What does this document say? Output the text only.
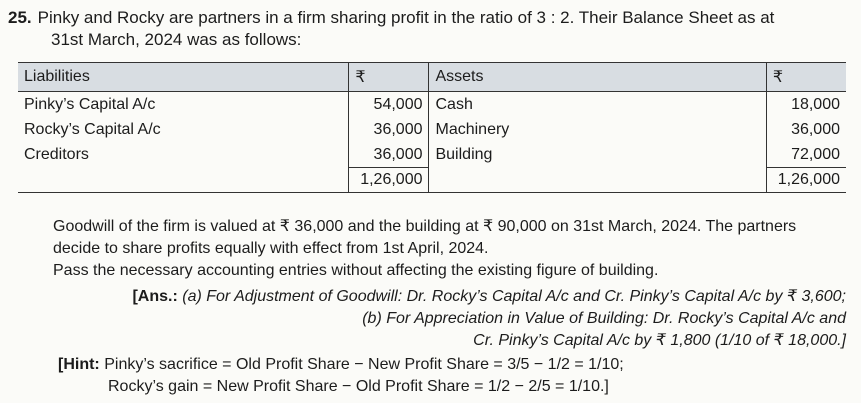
25. Pinky and Rocky are partners in a firm sharing profit in the ratio of 3 : 2. Their Balance Sheet as at
31st March, 2024 was as follows:
Liabilities	₹	Assets	₹
Pinky’s Capital A/c	54,000	Cash	18,000
Rocky’s Capital A/c	36,000	Machinery	36,000
Creditors	36,000	Building	72,000
	1,26,000		1,26,000
Goodwill of the firm is valued at ₹ 36,000 and the building at ₹ 90,000 on 31st March, 2024. The partners
decide to share profits equally with effect from 1st April, 2024.
Pass the necessary accounting entries without affecting the existing figure of building.
[Ans.: (a) For Adjustment of Goodwill: Dr. Rocky’s Capital A/c and Cr. Pinky’s Capital A/c by ₹ 3,600;
(b) For Appreciation in Value of Building: Dr. Rocky’s Capital A/c and
Cr. Pinky’s Capital A/c by ₹ 1,800 (1/10 of ₹ 18,000.]
[Hint: Pinky’s sacrifice = Old Profit Share − New Profit Share = 3/5 − 1/2 = 1/10;
Rocky’s gain = New Profit Share − Old Profit Share = 1/2 − 2/5 = 1/10.]
